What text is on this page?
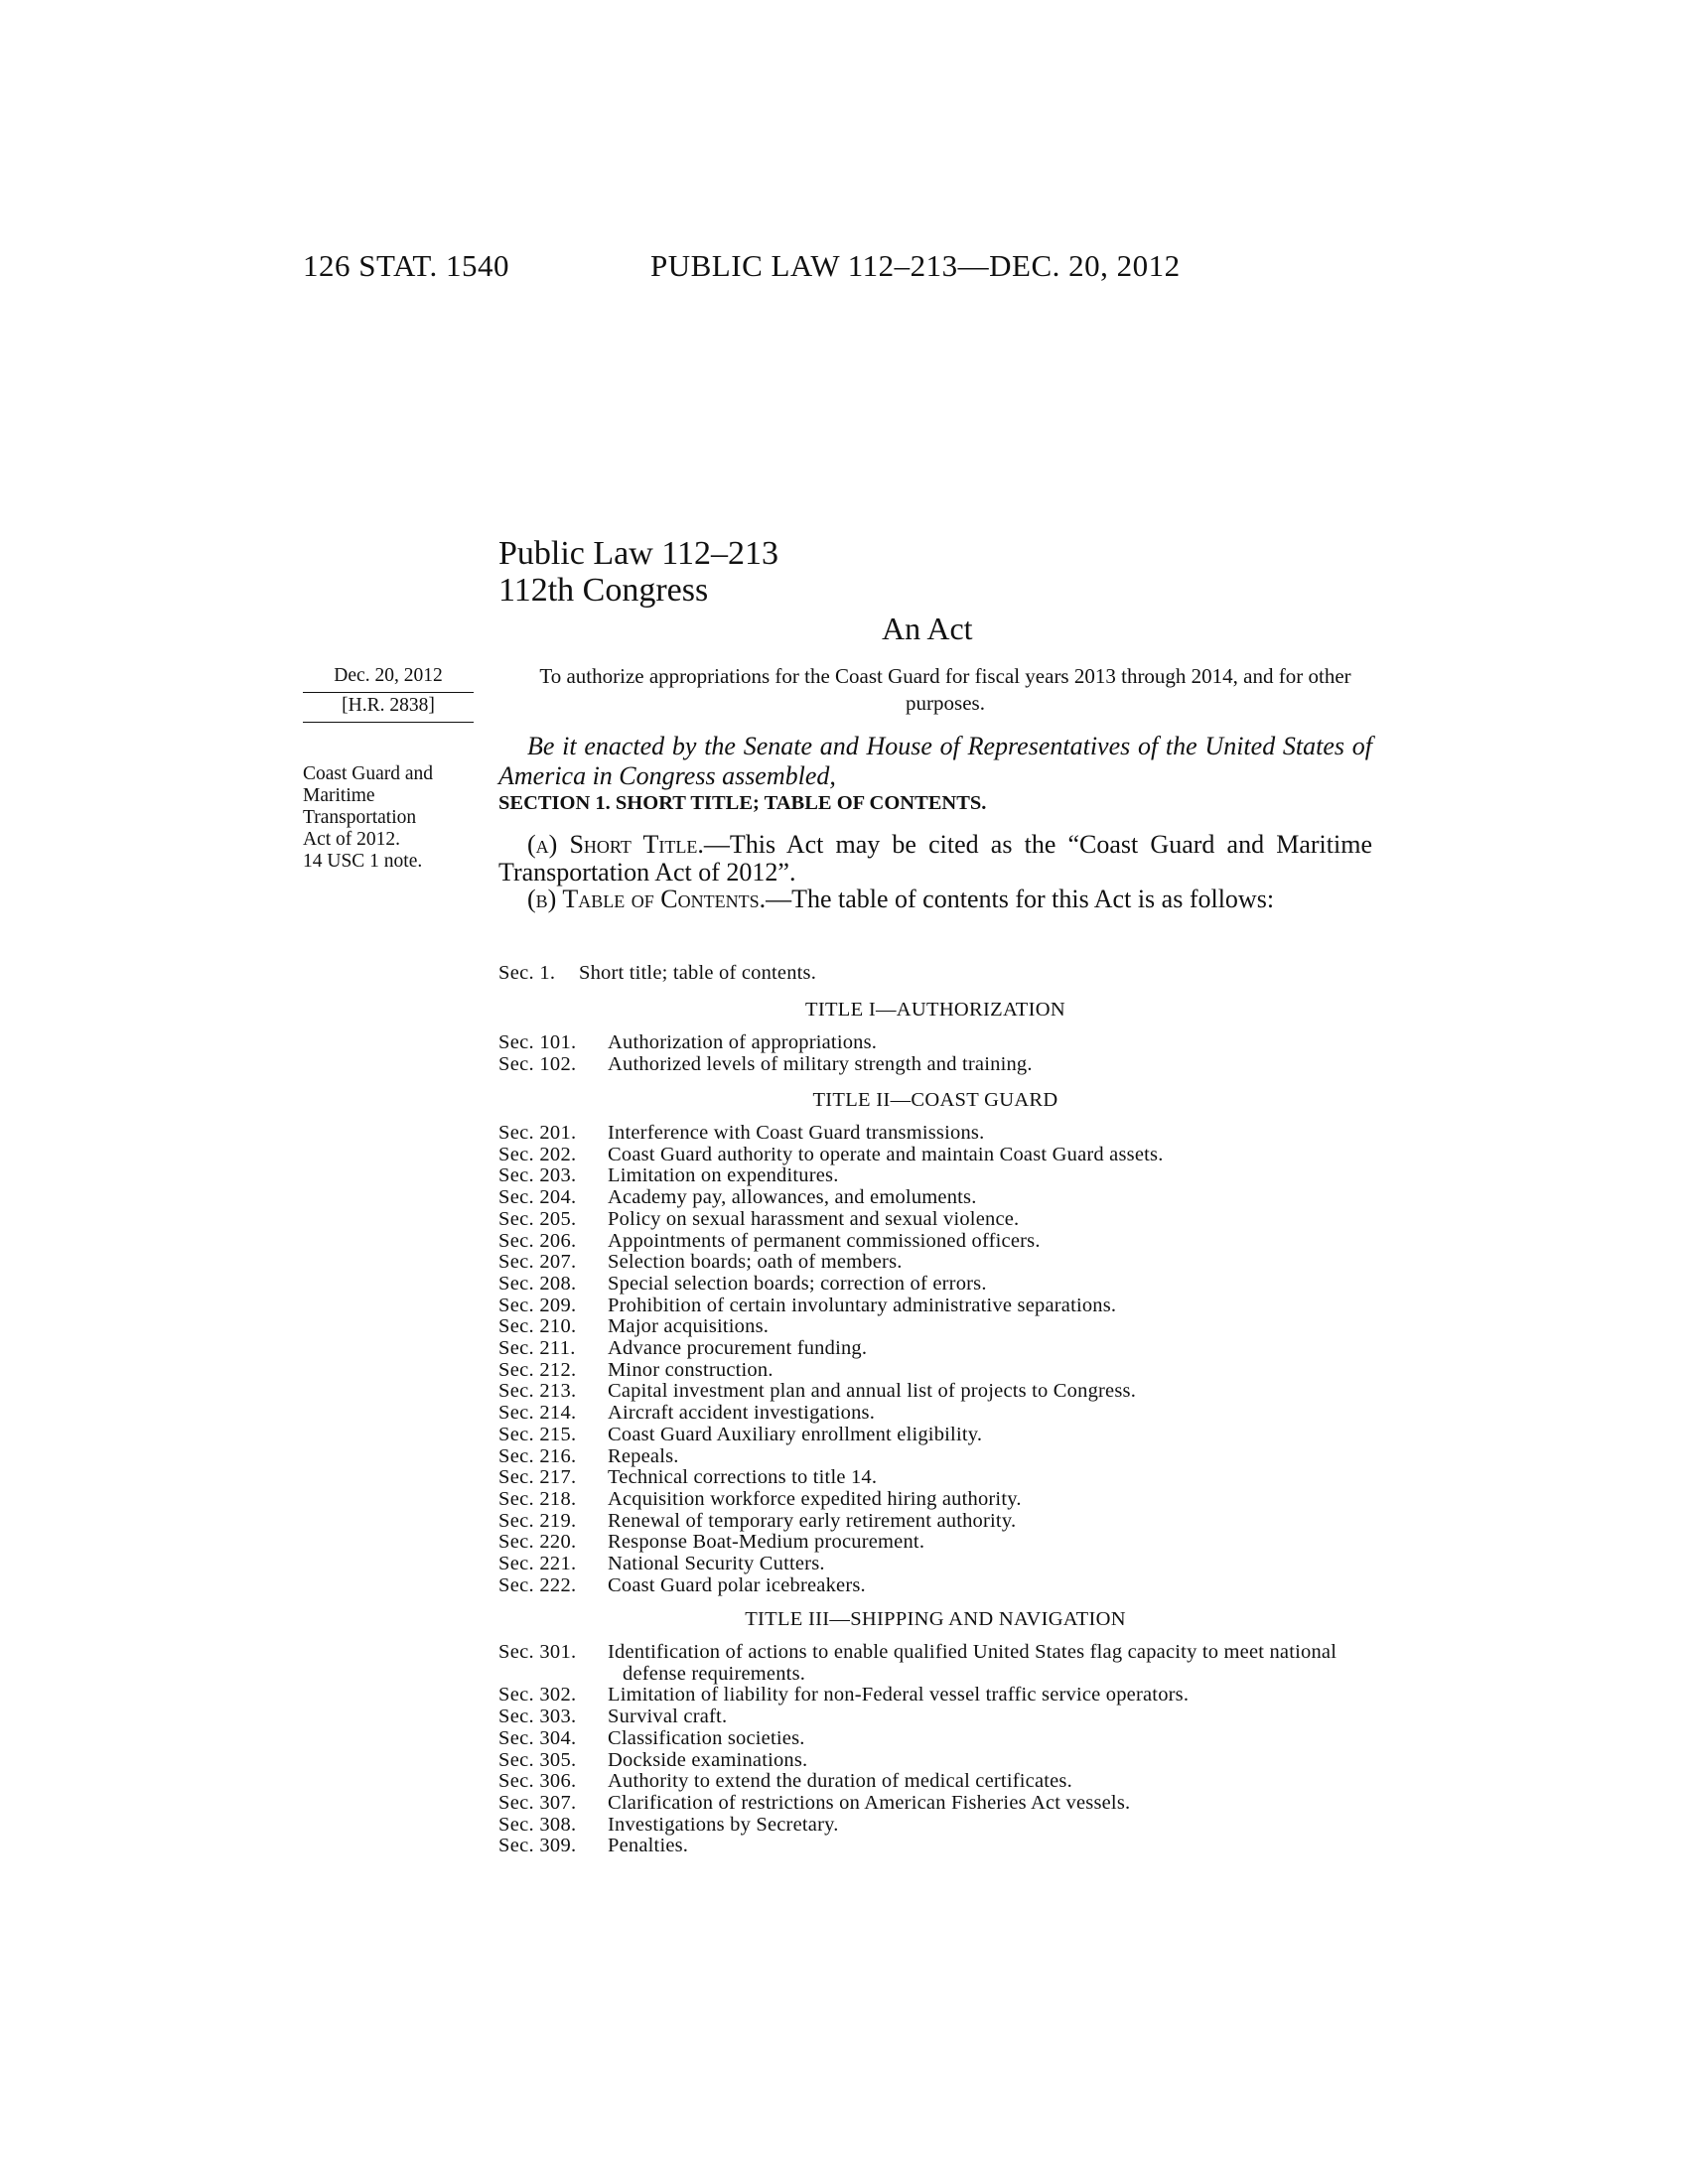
126 STAT. 1540	PUBLIC LAW 112–213—DEC. 20, 2012
Public Law 112–213
112th Congress
An Act
Dec. 20, 2012
[H.R. 2838]
Coast Guard and
Maritime
Transportation
Act of 2012.
14 USC 1 note.
To authorize appropriations for the Coast Guard for fiscal years 2013 through 2014, and for other purposes.
Be it enacted by the Senate and House of Representatives of the United States of America in Congress assembled,
SECTION 1. SHORT TITLE; TABLE OF CONTENTS.
(a) Short Title.—This Act may be cited as the “Coast Guard and Maritime Transportation Act of 2012”.
(b) Table of Contents.—The table of contents for this Act is as follows:
Sec. 1.	Short title; table of contents.
TITLE I—AUTHORIZATION
Sec. 101.	Authorization of appropriations.
Sec. 102.	Authorized levels of military strength and training.
TITLE II—COAST GUARD
Sec. 201.	Interference with Coast Guard transmissions.
Sec. 202.	Coast Guard authority to operate and maintain Coast Guard assets.
Sec. 203.	Limitation on expenditures.
Sec. 204.	Academy pay, allowances, and emoluments.
Sec. 205.	Policy on sexual harassment and sexual violence.
Sec. 206.	Appointments of permanent commissioned officers.
Sec. 207.	Selection boards; oath of members.
Sec. 208.	Special selection boards; correction of errors.
Sec. 209.	Prohibition of certain involuntary administrative separations.
Sec. 210.	Major acquisitions.
Sec. 211.	Advance procurement funding.
Sec. 212.	Minor construction.
Sec. 213.	Capital investment plan and annual list of projects to Congress.
Sec. 214.	Aircraft accident investigations.
Sec. 215.	Coast Guard Auxiliary enrollment eligibility.
Sec. 216.	Repeals.
Sec. 217.	Technical corrections to title 14.
Sec. 218.	Acquisition workforce expedited hiring authority.
Sec. 219.	Renewal of temporary early retirement authority.
Sec. 220.	Response Boat-Medium procurement.
Sec. 221.	National Security Cutters.
Sec. 222.	Coast Guard polar icebreakers.
TITLE III—SHIPPING AND NAVIGATION
Sec. 301.	Identification of actions to enable qualified United States flag capacity to meet national defense requirements.
Sec. 302.	Limitation of liability for non-Federal vessel traffic service operators.
Sec. 303.	Survival craft.
Sec. 304.	Classification societies.
Sec. 305.	Dockside examinations.
Sec. 306.	Authority to extend the duration of medical certificates.
Sec. 307.	Clarification of restrictions on American Fisheries Act vessels.
Sec. 308.	Investigations by Secretary.
Sec. 309.	Penalties.
